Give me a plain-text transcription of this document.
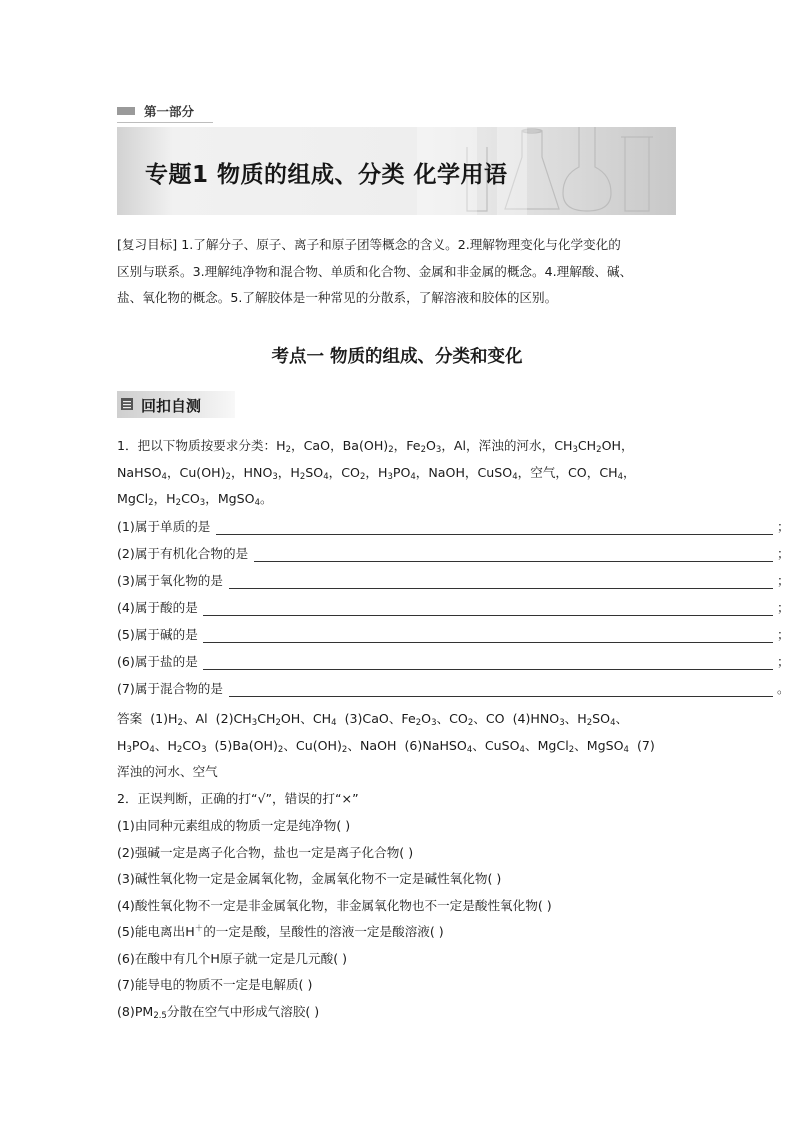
第一部分
专题1 物质的组成、分类 化学用语
[复习目标] 1.了解分子、原子、离子和原子团等概念的含义。2.理解物理变化与化学变化的
区别与联系。3.理解纯净物和混合物、单质和化合物、金属和非金属的概念。4.理解酸、碱、
盐、氧化物的概念。5.了解胶体是一种常见的分散系，了解溶液和胶体的区别。
考点一 物质的组成、分类和变化
回扣自测
1．把以下物质按要求分类：$H_2$，CaO，$Ba(OH)_2$，$Fe_2O_3$，Al，浑浊的河水，$CH_3CH_2OH$，
NaHSO$_4$，$Cu(OH)_2$，$HNO_3$，$H_2SO_4$，$CO_2$，$H_3PO_4$，NaOH，CuSO$_4$，空气，CO，$CH_4$，
MgCl$_2$，$H_2CO_3$，MgSO$_4$。
(1)属于单质的是	；
(2)属于有机化合物的是	；
(3)属于氧化物的是	；
(4)属于酸的是	；
(5)属于碱的是	；
(6)属于盐的是	；
(7)属于混合物的是	。
答案 $(1)H_2$、Al $(2)CH_3CH_2OH$、$CH_4$ (3)CaO、$Fe_2O_3$、$CO_2$、CO $(4)HNO_3$、$H_2SO_4$、
$H_3PO_4$、$H_2CO_3$ $(5)Ba(OH)_2$、$Cu(OH)_2$、NaOH (6)NaHSO$_4$、CuSO$_4$、MgCl$_2$、MgSO$_4$ (7)
浑浊的河水、空气
2．正误判断，正确的打“√”，错误的打“×”
(1)由同种元素组成的物质一定是纯净物( )
(2)强碱一定是离子化合物，盐也一定是离子化合物( )
(3)碱性氧化物一定是金属氧化物，金属氧化物不一定是碱性氧化物( )
(4)酸性氧化物不一定是非金属氧化物，非金属氧化物也不一定是酸性氧化物( )
(5)能电离出H＋的一定是酸，呈酸性的溶液一定是酸溶液( )
(6)在酸中有几个H原子就一定是几元酸( )
(7)能导电的物质不一定是电解质( )
$(8)PM_{2.5}$分散在空气中形成气溶胶( )
